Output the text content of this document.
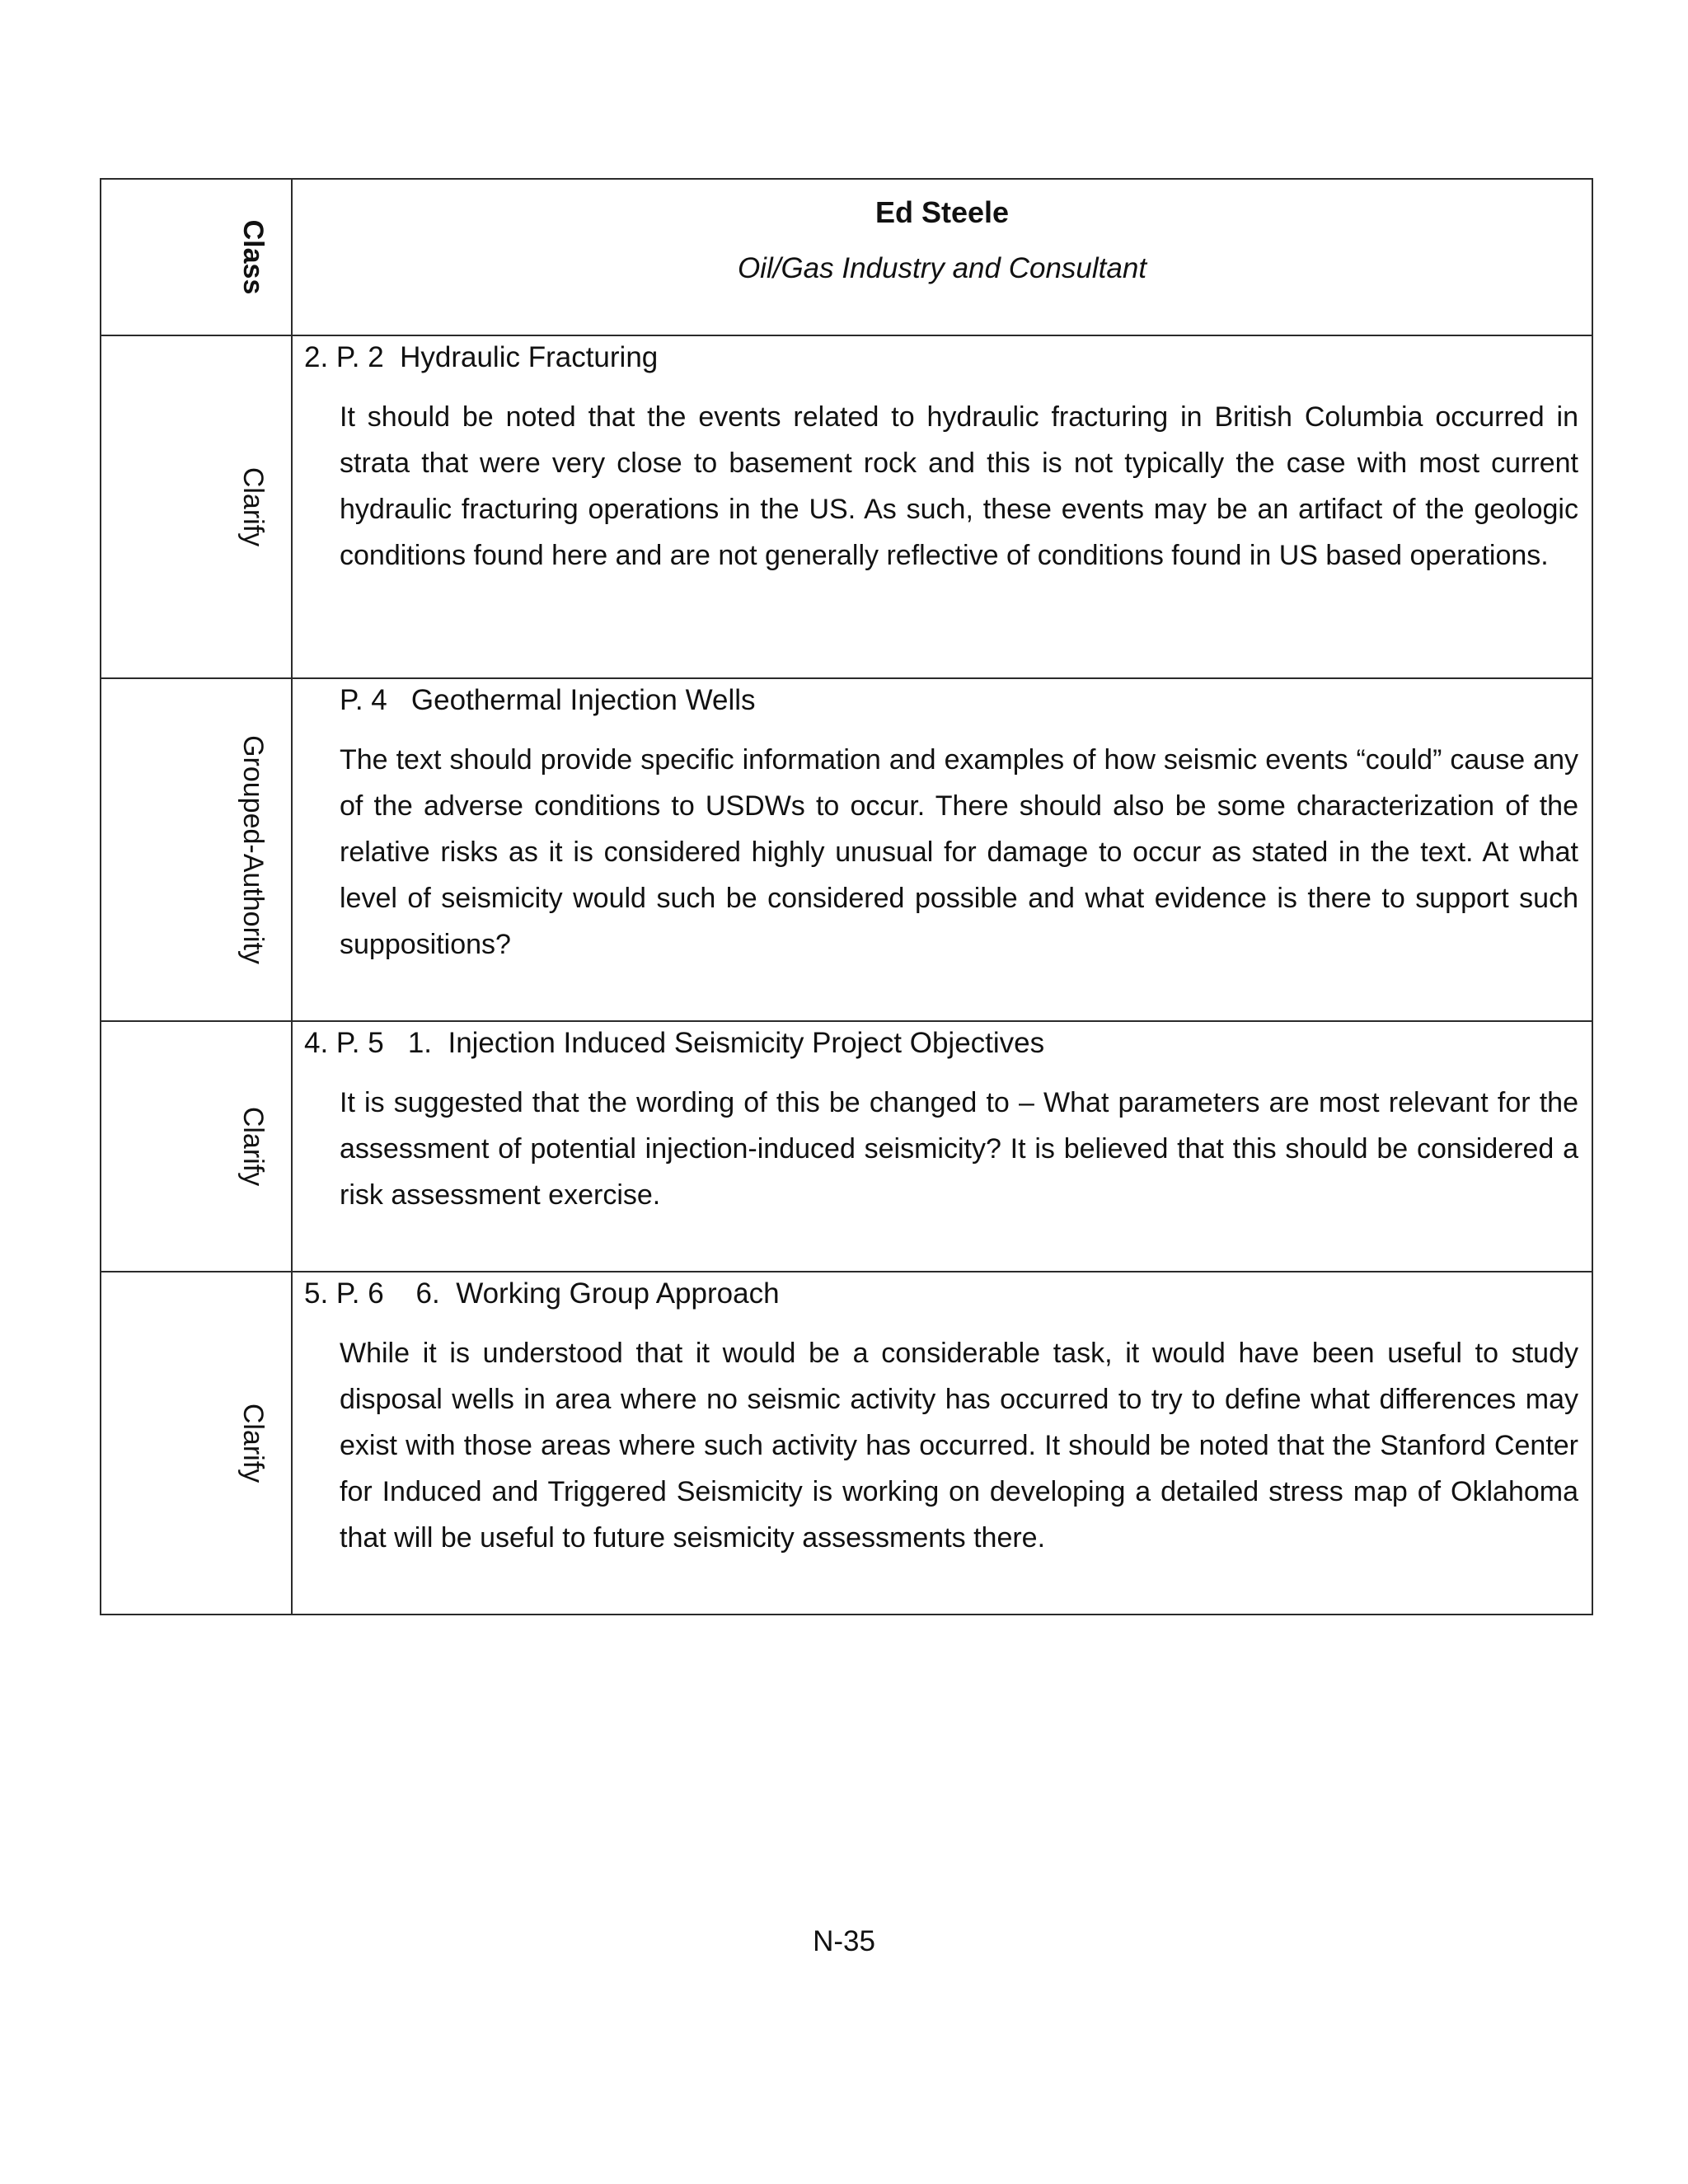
Class	Ed Steele
Oil/Gas Industry and Consultant

Clarify	2. P. 2  Hydraulic Fracturing
It should be noted that the events related to hydraulic fracturing in British Columbia occurred in strata that were very close to basement rock and this is not typically the case with most current hydraulic fracturing operations in the US. As such, these events may be an artifact of the geologic conditions found here and are not generally reflective of conditions found in US based operations.

Grouped-Authority	P. 4   Geothermal Injection Wells
The text should provide specific information and examples of how seismic events “could” cause any of the adverse conditions to USDWs to occur. There should also be some characterization of the relative risks as it is considered highly unusual for damage to occur as stated in the text. At what level of seismicity would such be considered possible and what evidence is there to support such suppositions?

Clarify	4. P. 5   1.  Injection Induced Seismicity Project Objectives
It is suggested that the wording of this be changed to – What parameters are most relevant for the assessment of potential injection-induced seismicity? It is believed that this should be considered a risk assessment exercise.

Clarify	5. P. 6    6.  Working Group Approach
While it is understood that it would be a considerable task, it would have been useful to study disposal wells in area where no seismic activity has occurred to try to define what differences may exist with those areas where such activity has occurred. It should be noted that the Stanford Center for Induced and Triggered Seismicity is working on developing a detailed stress map of Oklahoma that will be useful to future seismicity assessments there.
N-35
